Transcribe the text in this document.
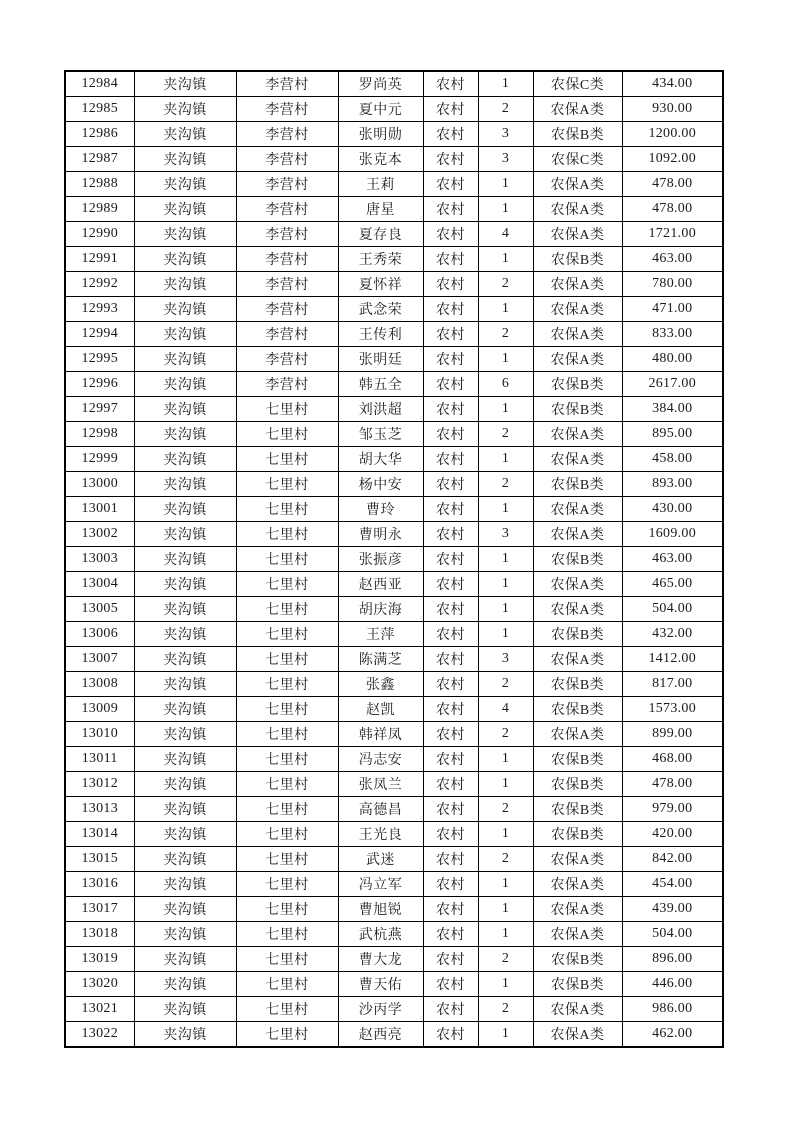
12984	夹沟镇	李营村	罗尚英	农村	1	农保C类	434.00
12985	夹沟镇	李营村	夏中元	农村	2	农保A类	930.00
12986	夹沟镇	李营村	张明勋	农村	3	农保B类	1200.00
12987	夹沟镇	李营村	张克本	农村	3	农保C类	1092.00
12988	夹沟镇	李营村	王莉	农村	1	农保A类	478.00
12989	夹沟镇	李营村	唐星	农村	1	农保A类	478.00
12990	夹沟镇	李营村	夏存良	农村	4	农保A类	1721.00
12991	夹沟镇	李营村	王秀荣	农村	1	农保B类	463.00
12992	夹沟镇	李营村	夏怀祥	农村	2	农保A类	780.00
12993	夹沟镇	李营村	武念荣	农村	1	农保A类	471.00
12994	夹沟镇	李营村	王传利	农村	2	农保A类	833.00
12995	夹沟镇	李营村	张明廷	农村	1	农保A类	480.00
12996	夹沟镇	李营村	韩五全	农村	6	农保B类	2617.00
12997	夹沟镇	七里村	刘洪超	农村	1	农保B类	384.00
12998	夹沟镇	七里村	邹玉芝	农村	2	农保A类	895.00
12999	夹沟镇	七里村	胡大华	农村	1	农保A类	458.00
13000	夹沟镇	七里村	杨中安	农村	2	农保B类	893.00
13001	夹沟镇	七里村	曹玲	农村	1	农保A类	430.00
13002	夹沟镇	七里村	曹明永	农村	3	农保A类	1609.00
13003	夹沟镇	七里村	张振彦	农村	1	农保B类	463.00
13004	夹沟镇	七里村	赵西亚	农村	1	农保A类	465.00
13005	夹沟镇	七里村	胡庆海	农村	1	农保A类	504.00
13006	夹沟镇	七里村	王萍	农村	1	农保B类	432.00
13007	夹沟镇	七里村	陈满芝	农村	3	农保A类	1412.00
13008	夹沟镇	七里村	张鑫	农村	2	农保B类	817.00
13009	夹沟镇	七里村	赵凯	农村	4	农保B类	1573.00
13010	夹沟镇	七里村	韩祥凤	农村	2	农保A类	899.00
13011	夹沟镇	七里村	冯志安	农村	1	农保B类	468.00
13012	夹沟镇	七里村	张凤兰	农村	1	农保B类	478.00
13013	夹沟镇	七里村	高德昌	农村	2	农保B类	979.00
13014	夹沟镇	七里村	王光良	农村	1	农保B类	420.00
13015	夹沟镇	七里村	武迷	农村	2	农保A类	842.00
13016	夹沟镇	七里村	冯立军	农村	1	农保A类	454.00
13017	夹沟镇	七里村	曹旭锐	农村	1	农保A类	439.00
13018	夹沟镇	七里村	武杭燕	农村	1	农保A类	504.00
13019	夹沟镇	七里村	曹大龙	农村	2	农保B类	896.00
13020	夹沟镇	七里村	曹天佑	农村	1	农保B类	446.00
13021	夹沟镇	七里村	沙丙学	农村	2	农保A类	986.00
13022	夹沟镇	七里村	赵西亮	农村	1	农保A类	462.00
